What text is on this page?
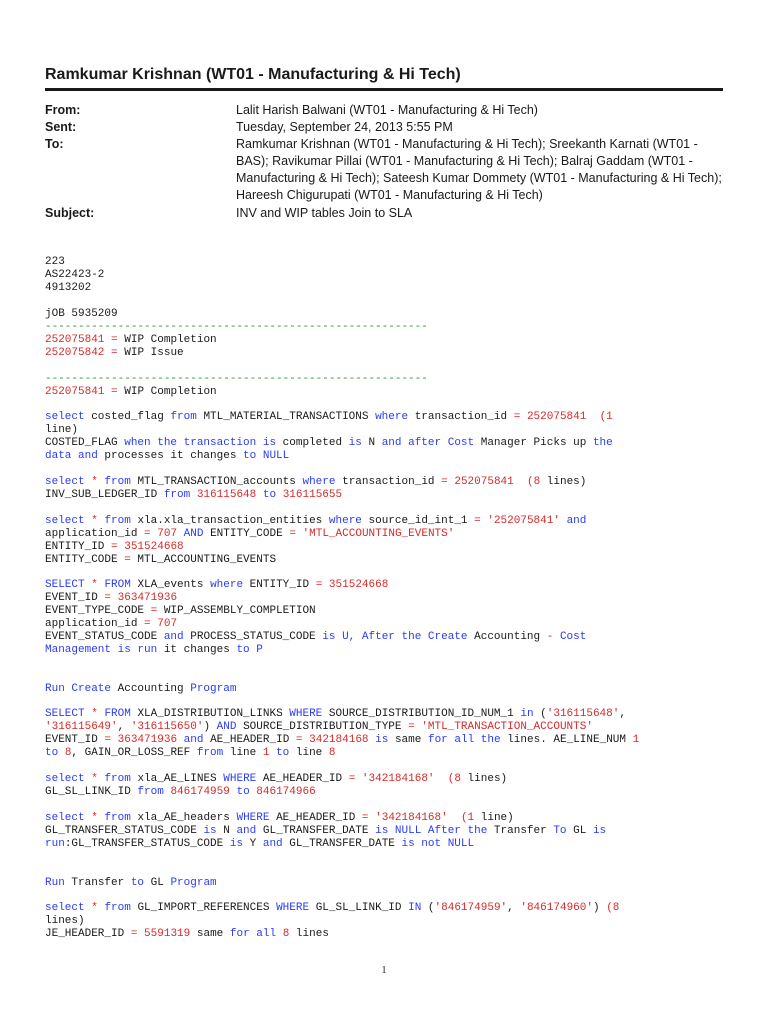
Ramkumar Krishnan (WT01 - Manufacturing & Hi Tech)
From:	Lalit Harish Balwani (WT01 - Manufacturing & Hi Tech)
Sent:	Tuesday, September 24, 2013 5:55 PM
To:	Ramkumar Krishnan (WT01 - Manufacturing & Hi Tech); Sreekanth Karnati (WT01 - BAS); Ravikumar Pillai (WT01 - Manufacturing & Hi Tech); Balraj Gaddam (WT01 - Manufacturing & Hi Tech); Sateesh Kumar Dommety (WT01 - Manufacturing & Hi Tech); Hareesh Chigurupati (WT01 - Manufacturing & Hi Tech)
Subject:	INV and WIP tables Join to SLA
223
AS22423-2
4913202
jOB 5935209
----------------------------------------------------------
252075841 = WIP Completion
252075842 = WIP Issue
----------------------------------------------------------
252075841 = WIP Completion
select costed_flag from MTL_MATERIAL_TRANSACTIONS where transaction_id = 252075841 (1
line)
COSTED_FLAG when the transaction is completed is N and after Cost Manager Picks up the
data and processes it changes to NULL
select * from MTL_TRANSACTION_accounts where transaction_id = 252075841 (8 lines)
INV_SUB_LEDGER_ID from 316115648 to 316115655
select * from xla.xla_transaction_entities where source_id_int_1 = '252075841' and
application_id = 707 AND ENTITY_CODE = 'MTL_ACCOUNTING_EVENTS'
ENTITY_ID = 351524668
ENTITY_CODE = MTL_ACCOUNTING_EVENTS
SELECT * FROM XLA_events where ENTITY_ID = 351524668
EVENT_ID = 363471936
EVENT_TYPE_CODE = WIP_ASSEMBLY_COMPLETION
application_id = 707
EVENT_STATUS_CODE and PROCESS_STATUS_CODE is U, After the Create Accounting - Cost
Management is run it changes to P
Run Create Accounting Program
SELECT * FROM XLA_DISTRIBUTION_LINKS WHERE SOURCE_DISTRIBUTION_ID_NUM_1 in ('316115648',
'316115649', '316115650') AND SOURCE_DISTRIBUTION_TYPE = 'MTL_TRANSACTION_ACCOUNTS'
EVENT_ID = 363471936 and AE_HEADER_ID = 342184168 is same for all the lines. AE_LINE_NUM 1
to 8, GAIN_OR_LOSS_REF from line 1 to line 8
select * from xla_AE_LINES WHERE AE_HEADER_ID = '342184168' (8 lines)
GL_SL_LINK_ID from 846174959 to 846174966
select * from xla_AE_headers WHERE AE_HEADER_ID = '342184168' (1 line)
GL_TRANSFER_STATUS_CODE is N and GL_TRANSFER_DATE is NULL After the Transfer To GL is
run:GL_TRANSFER_STATUS_CODE is Y and GL_TRANSFER_DATE is not NULL
Run Transfer to GL Program
select * from GL_IMPORT_REFERENCES WHERE GL_SL_LINK_ID IN ('846174959', '846174960') (8
lines)
JE_HEADER_ID = 5591319 same for all 8 lines
1
